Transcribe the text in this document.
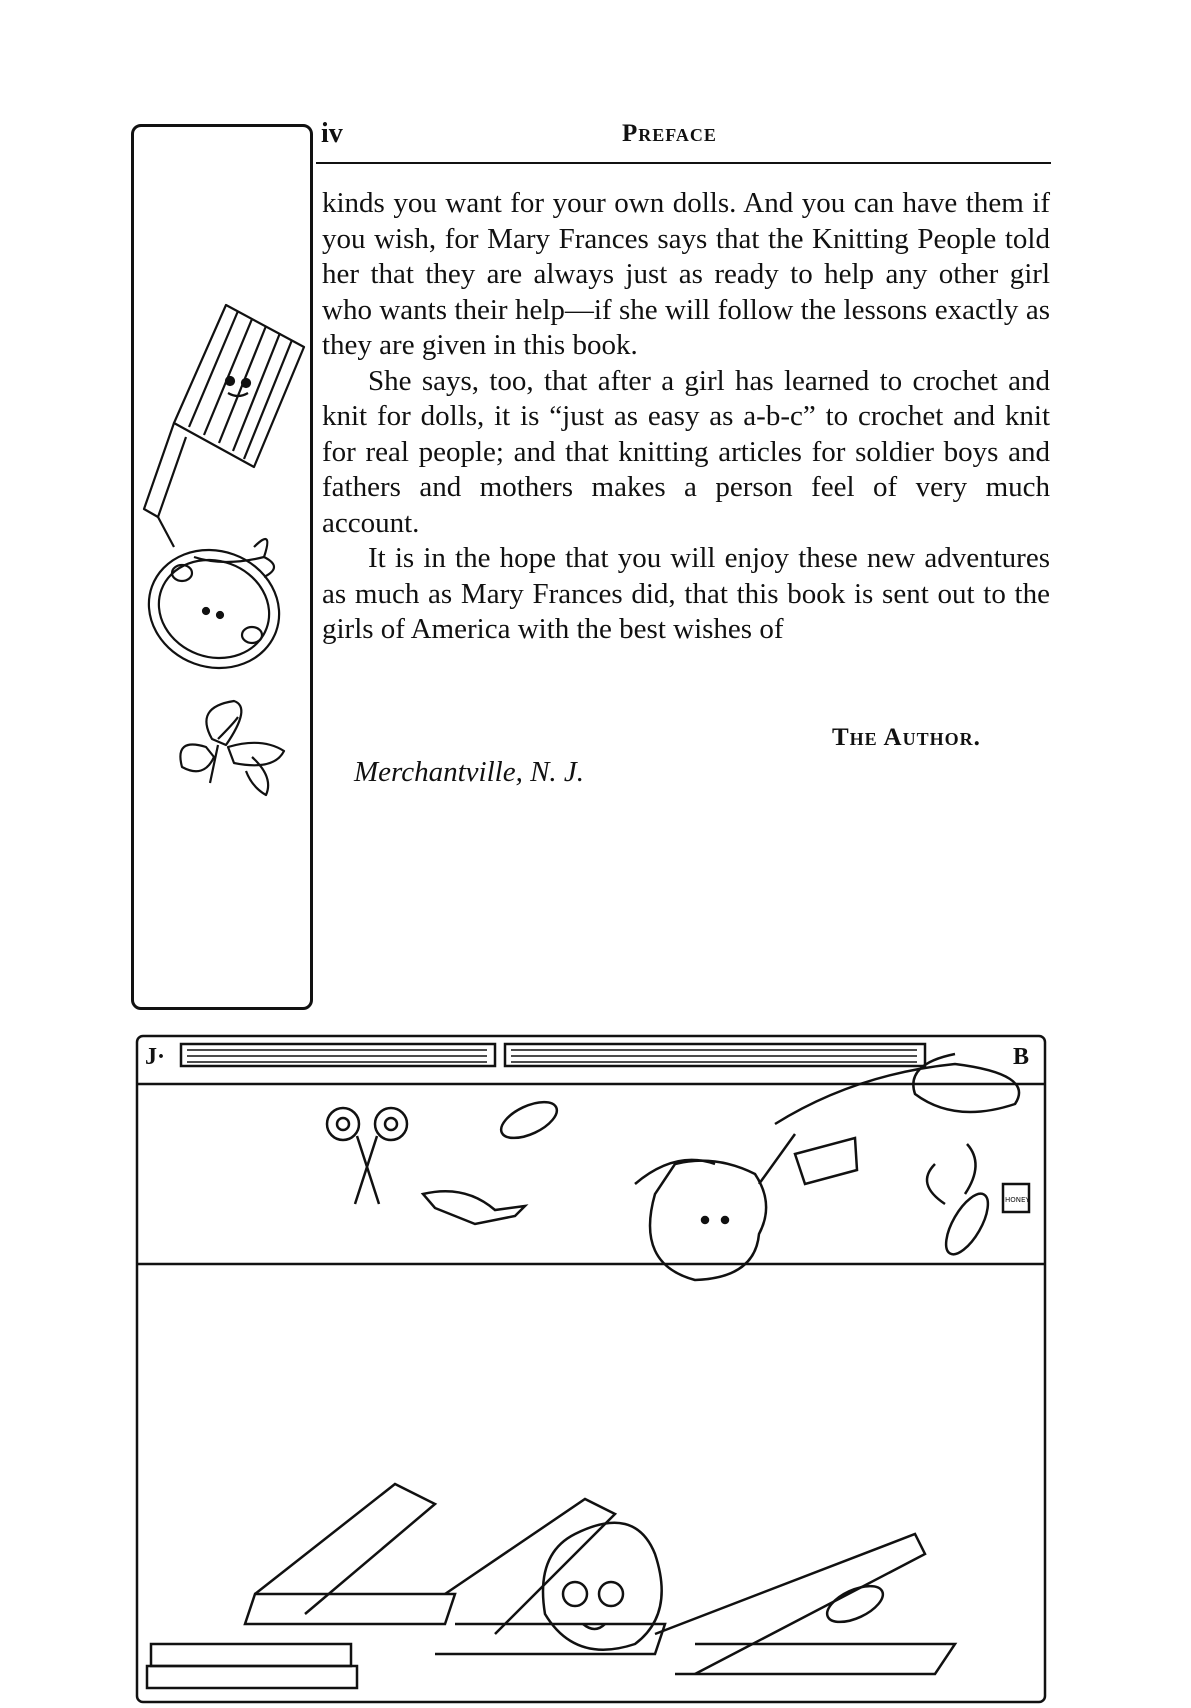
iv	Preface

kinds you want for your own dolls. And you can have them if you wish, for Mary Frances says that the Knitting People told her that they are always just as ready to help any other girl who wants their help—if she will follow the lessons exactly as they are given in this book.

She says, too, that after a girl has learned to crochet and knit for dolls, it is “just as easy as a-b-c” to crochet and knit for real people; and that knitting articles for soldier boys and fathers and mothers makes a person feel of very much account.

It is in the hope that you will enjoy these new adventures as much as Mary Frances did, that this book is sent out to the girls of America with the best wishes of

The Author.
Merchantville, N. J.
J·	B
HONEY
